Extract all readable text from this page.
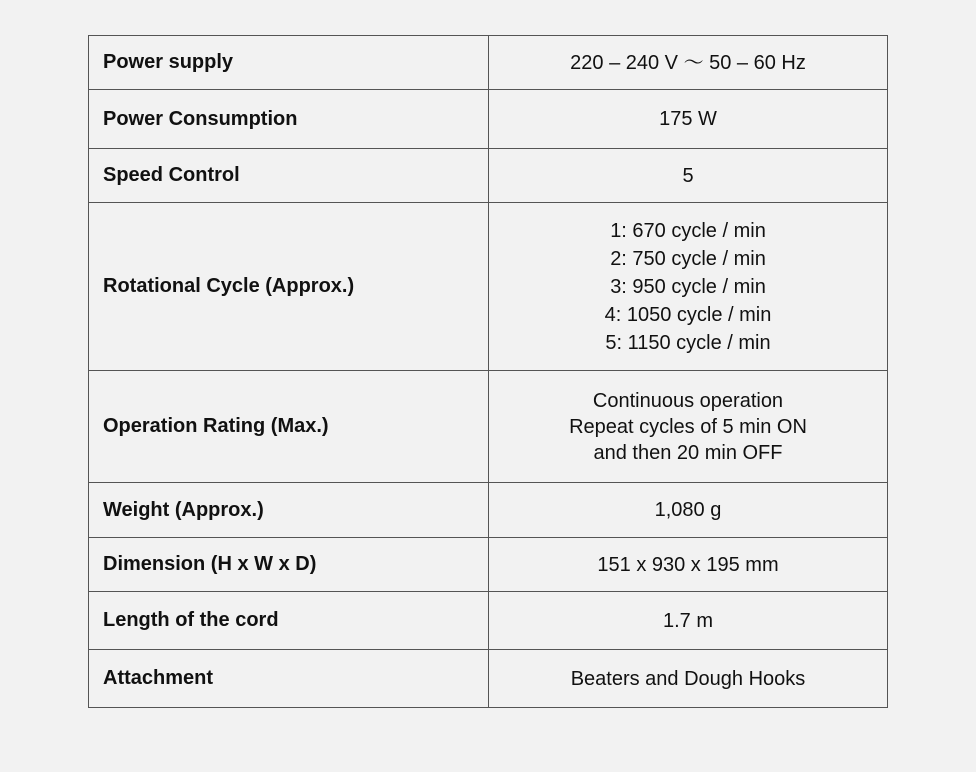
Power supply	220 – 240 V 〜 50 – 60 Hz

Power Consumption	175 W

Speed Control	5

Rotational Cycle (Approx.)	1: 670 cycle / min
2: 750 cycle / min
3: 950 cycle / min
4: 1050 cycle / min
5: 1150 cycle / min

Operation Rating (Max.)	Continuous operation
Repeat cycles of 5 min ON
and then 20 min OFF

Weight (Approx.)	1,080 g

Dimension (H x W x D)	151 x 930 x 195 mm

Length of the cord	1.7 m

Attachment	Beaters and Dough Hooks
